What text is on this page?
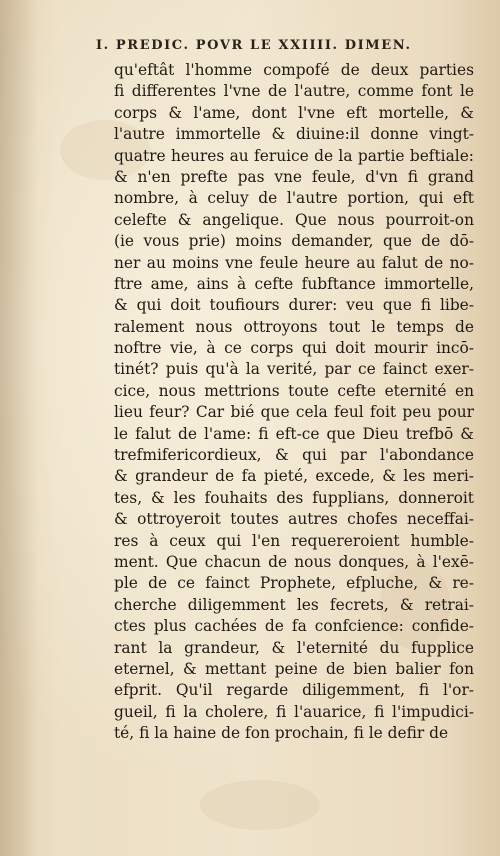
I. PREDIC. POVR LE XXIIII. DIMEN.
qu'eftât l'homme compofé de deux parties
fi differentes l'vne de l'autre, comme font le
corps & l'ame, dont l'vne eft mortelle, &
l'autre immortelle & diuine:il donne vingt-
quatre heures au feruice de la partie beftiale:
& n'en prefte pas vne feule, d'vn fi grand
nombre, à celuy de l'autre portion, qui eft
celefte & angelique. Que nous pourroit-on
(ie vous prie) moins demander, que de dō-
ner au moins vne feule heure au falut de no-
ftre ame, ains à cefte fubftance immortelle,
& qui doit toufiours durer: veu que fi libe-
ralement nous ottroyons tout le temps de
noftre vie, à ce corps qui doit mourir incō-
tinét? puis qu'à la verité, par ce fainct exer-
cice, nous mettrions toute cefte eternité en
lieu feur? Car bié que cela feul foit peu pour
le falut de l'ame: fi eft-ce que Dieu trefbō &
trefmifericordieux, & qui par l'abondance
& grandeur de fa pieté, excede, & les meri-
tes, & les fouhaits des fupplians, donneroit
& ottroyeroit toutes autres chofes neceffai-
res à ceux qui l'en requereroient humble-
ment. Que chacun de nous donques, à l'exē-
ple de ce fainct Prophete, efpluche, & re-
cherche diligemment les fecrets, & retrai-
ctes plus cachées de fa confcience: confide-
rant la grandeur, & l'eternité du fupplice
eternel, & mettant peine de bien balier fon
efprit. Qu'il regarde diligemment, fi l'or-
gueil, fi la cholere, fi l'auarice, fi l'impudici-
té, fi la haine de fon prochain, fi le defir de
